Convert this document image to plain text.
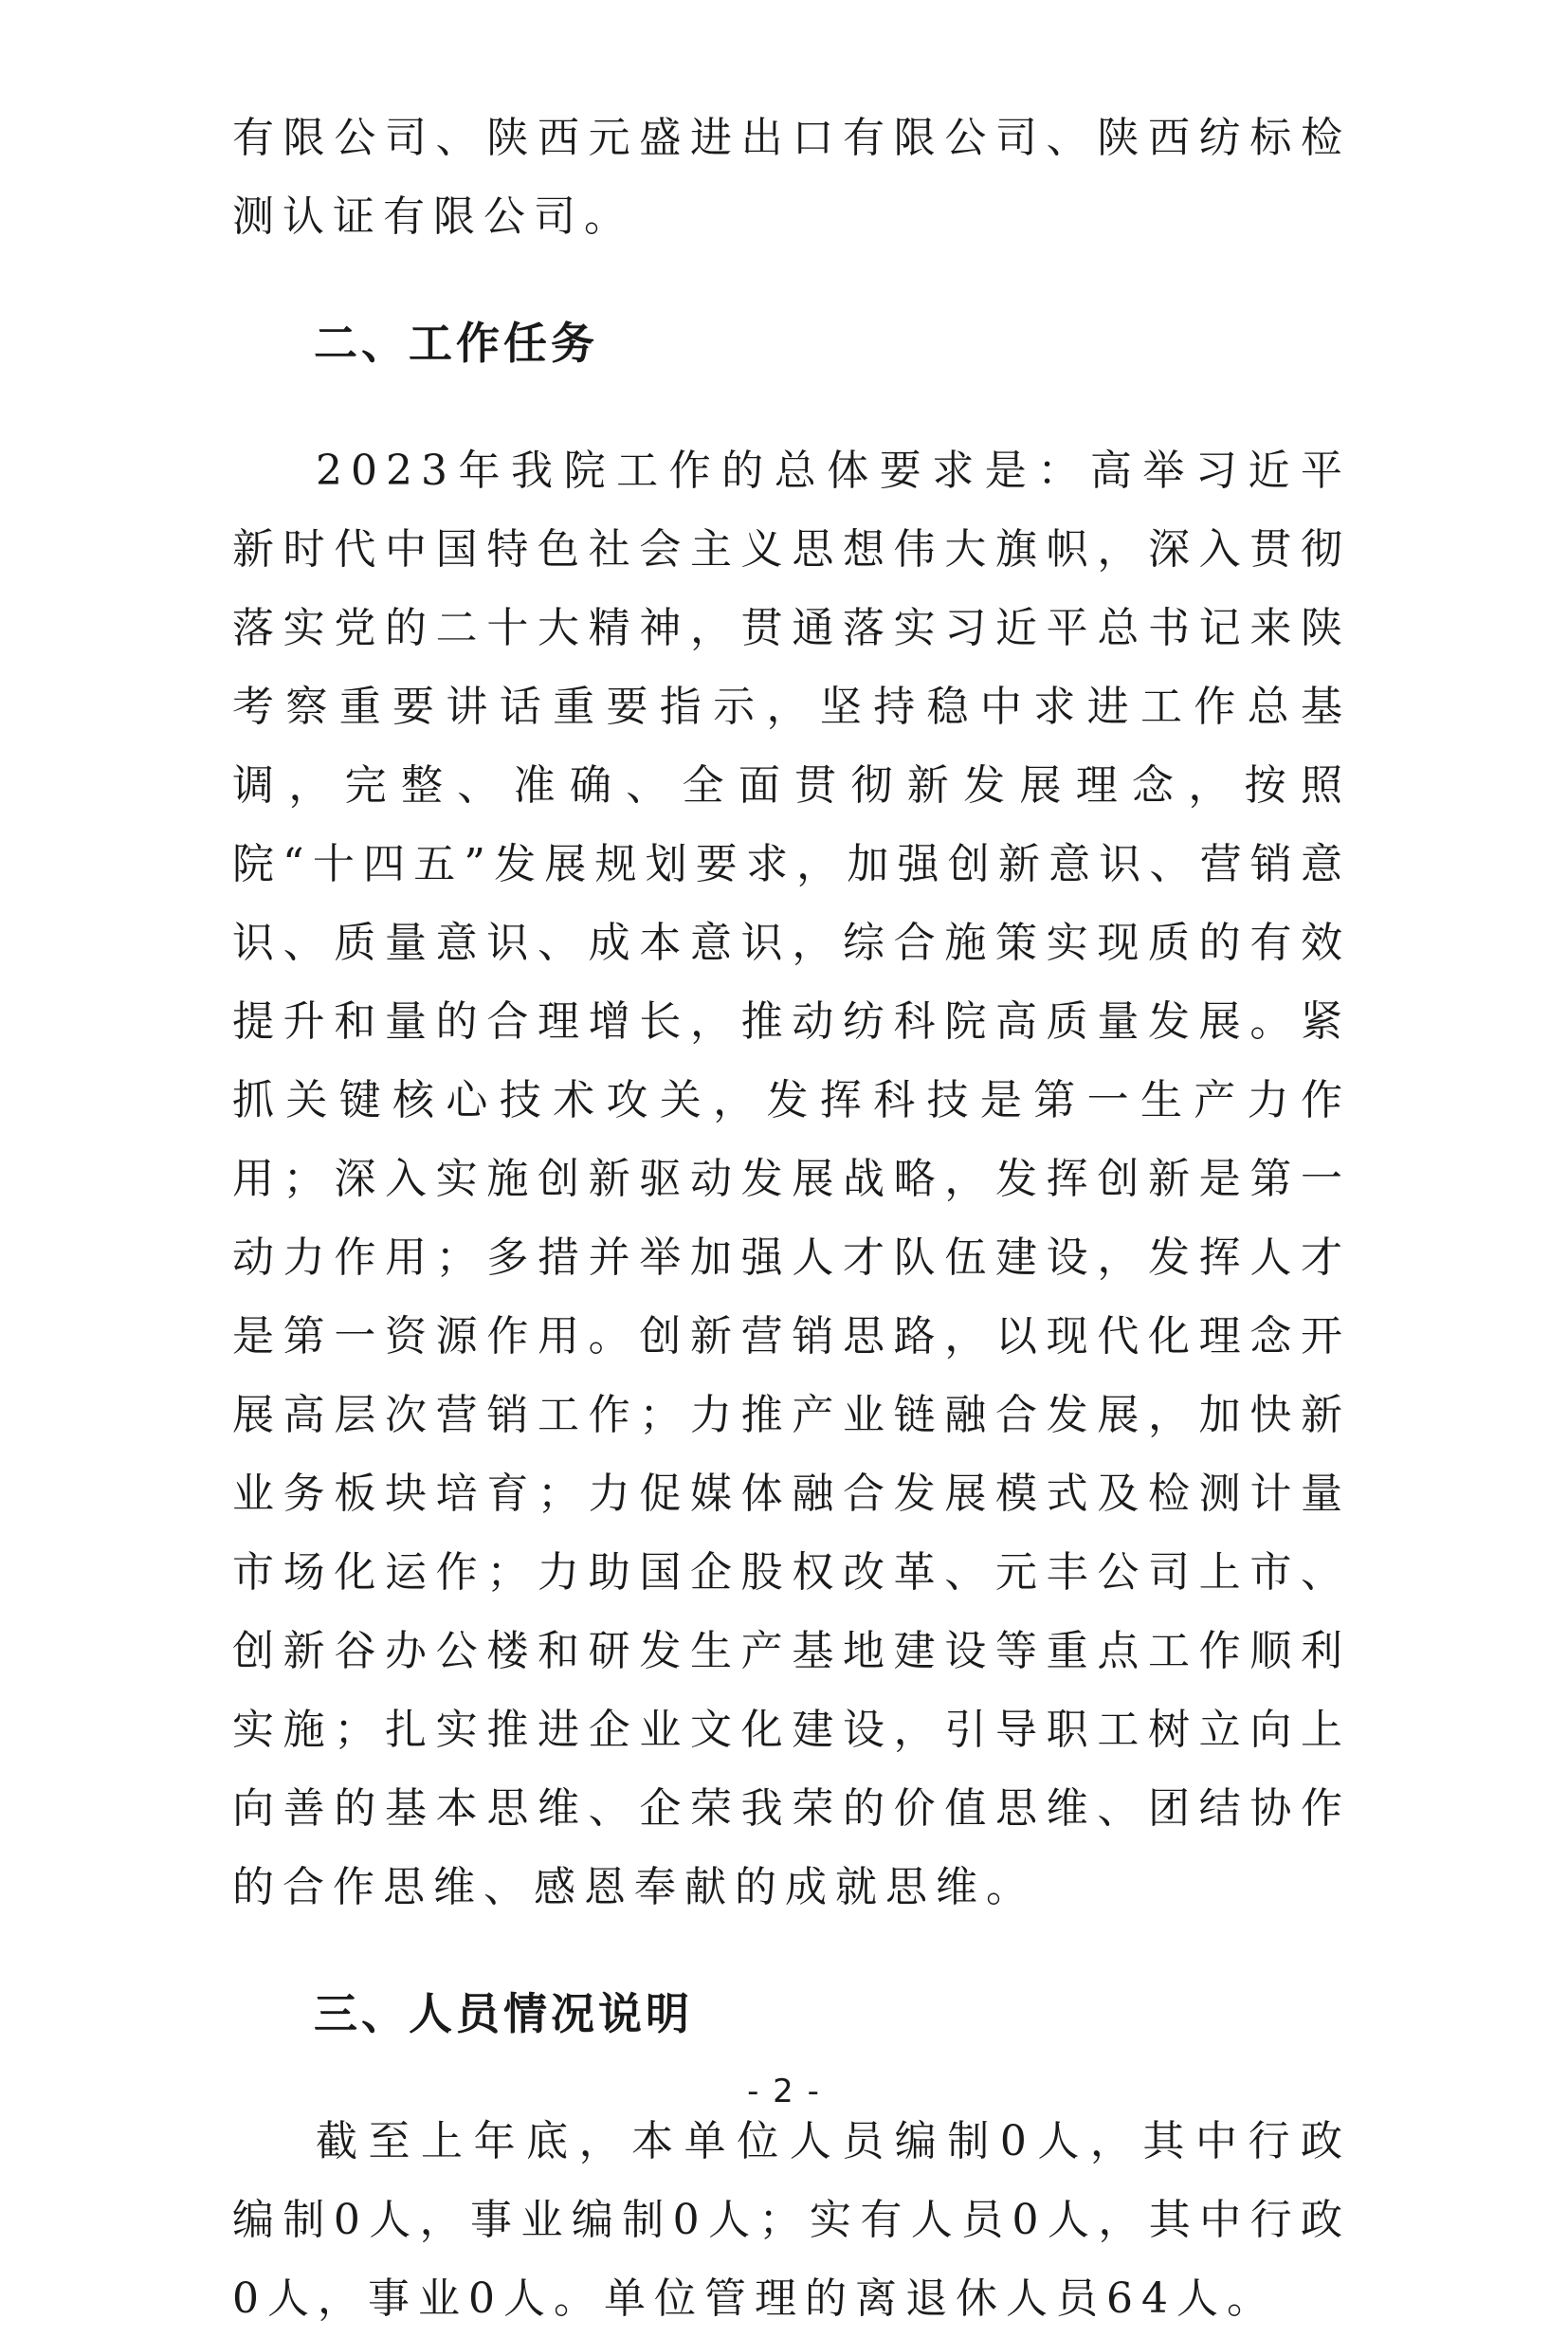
有限公司、陕西元盛进出口有限公司、陕西纺标检测认证有限公司。

二、工作任务

2023年我院工作的总体要求是：高举习近平新时代中国特色社会主义思想伟大旗帜，深入贯彻落实党的二十大精神，贯通落实习近平总书记来陕考察重要讲话重要指示，坚持稳中求进工作总基调，完整、准确、全面贯彻新发展理念，按照院“十四五”发展规划要求，加强创新意识、营销意识、质量意识、成本意识，综合施策实现质的有效提升和量的合理增长，推动纺科院高质量发展。紧抓关键核心技术攻关，发挥科技是第一生产力作用；深入实施创新驱动发展战略，发挥创新是第一动力作用；多措并举加强人才队伍建设，发挥人才是第一资源作用。创新营销思路，以现代化理念开展高层次营销工作；力推产业链融合发展，加快新业务板块培育；力促媒体融合发展模式及检测计量市场化运作；力助国企股权改革、元丰公司上市、创新谷办公楼和研发生产基地建设等重点工作顺利实施；扎实推进企业文化建设，引导职工树立向上向善的基本思维、企荣我荣的价值思维、团结协作的合作思维、感恩奉献的成就思维。

三、人员情况说明

截至上年底，本单位人员编制0人，其中行政编制0人，事业编制0人；实有人员0人，其中行政0人，事业0人。单位管理的离退休人员64人。

- 2 -
